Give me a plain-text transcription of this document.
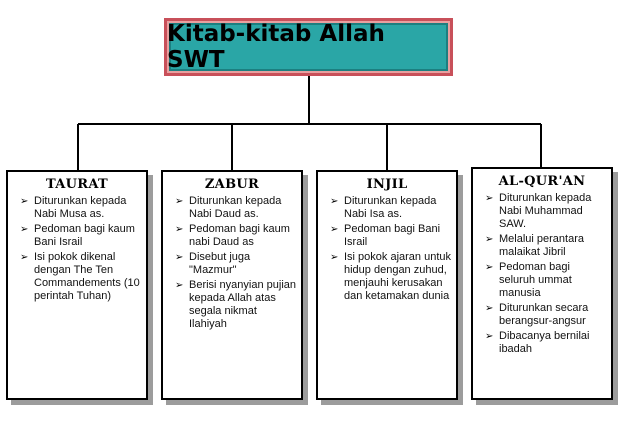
Kitab-kitab Allah SWT
TAURAT
➢ Diturunkan kepada Nabi Musa as.
➢ Pedoman bagi kaum Bani Israil
➢ Isi pokok dikenal dengan The Ten Commandements (10 perintah Tuhan)
ZABUR
➢ Diturunkan kepada Nabi Daud as.
➢ Pedoman bagi kaum nabi Daud as
➢ Disebut juga "Mazmur"
➢ Berisi nyanyian pujian kepada Allah atas segala nikmat Ilahiyah
INJIL
➢ Diturunkan kepada Nabi Isa as.
➢ Pedoman bagi Bani Israil
➢ Isi pokok ajaran untuk hidup dengan zuhud, menjauhi kerusakan dan ketamakan dunia
AL-QUR'AN
➢ Diturunkan kepada Nabi Muhammad SAW.
➢ Melalui perantara malaikat Jibril
➢ Pedoman bagi seluruh ummat manusia
➢ Diturunkan secara berangsur-angsur
➢ Dibacanya bernilai ibadah
